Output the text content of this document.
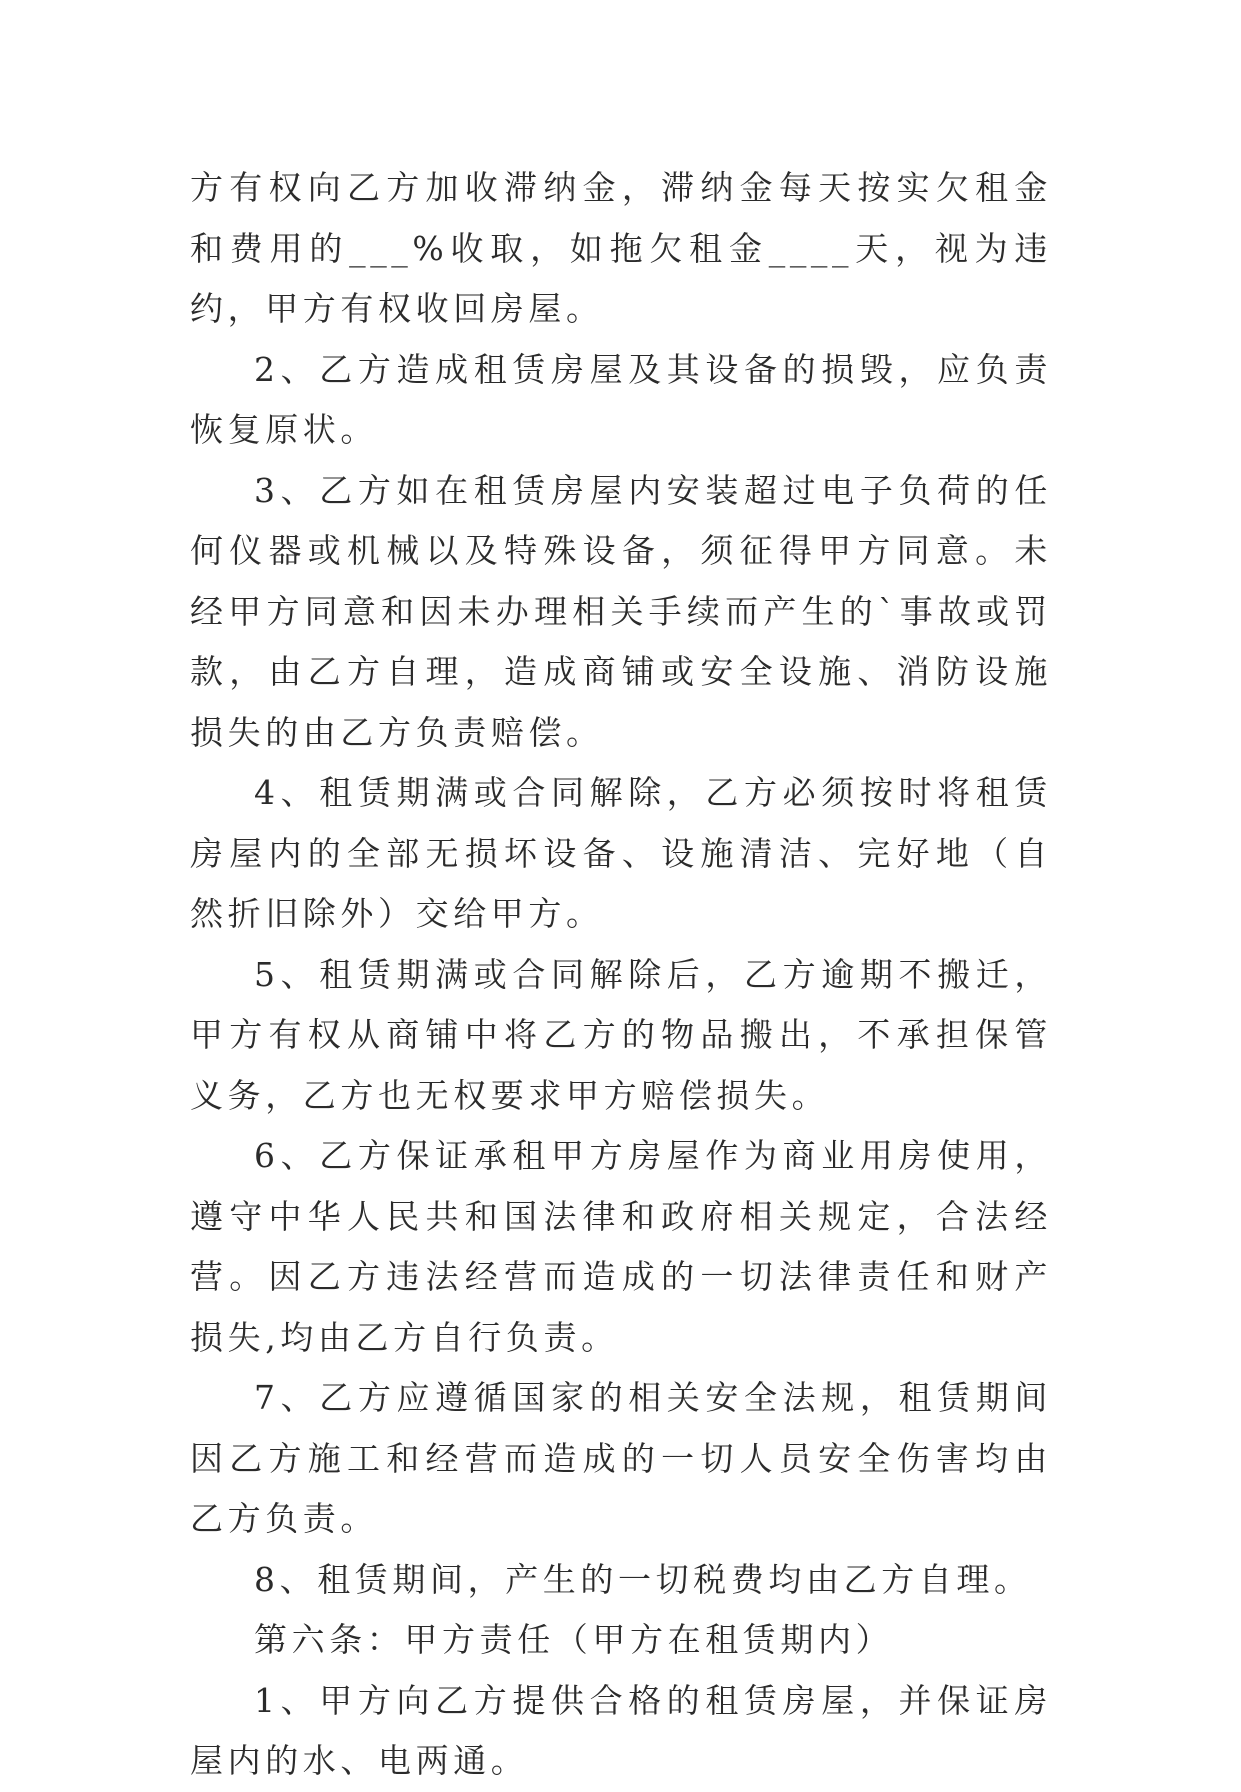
方有权向乙方加收滞纳金，滞纳金每天按实欠租金和费用的___%收取，如拖欠租金____天，视为违约，甲方有权收回房屋。

2、乙方造成租赁房屋及其设备的损毁，应负责恢复原状。

3、乙方如在租赁房屋内安装超过电子负荷的任何仪器或机械以及特殊设备，须征得甲方同意。未经甲方同意和因未办理相关手续而产生的`事故或罚款，由乙方自理，造成商铺或安全设施、消防设施损失的由乙方负责赔偿。

4、租赁期满或合同解除，乙方必须按时将租赁房屋内的全部无损坏设备、设施清洁、完好地（自然折旧除外）交给甲方。

5、租赁期满或合同解除后，乙方逾期不搬迁，甲方有权从商铺中将乙方的物品搬出，不承担保管义务，乙方也无权要求甲方赔偿损失。

6、乙方保证承租甲方房屋作为商业用房使用，遵守中华人民共和国法律和政府相关规定，合法经营。因乙方违法经营而造成的一切法律责任和财产损失,均由乙方自行负责。

7、乙方应遵循国家的相关安全法规，租赁期间因乙方施工和经营而造成的一切人员安全伤害均由乙方负责。

8、租赁期间，产生的一切税费均由乙方自理。

第六条：甲方责任（甲方在租赁期内）

1、甲方向乙方提供合格的租赁房屋，并保证房屋内的水、电两通。
